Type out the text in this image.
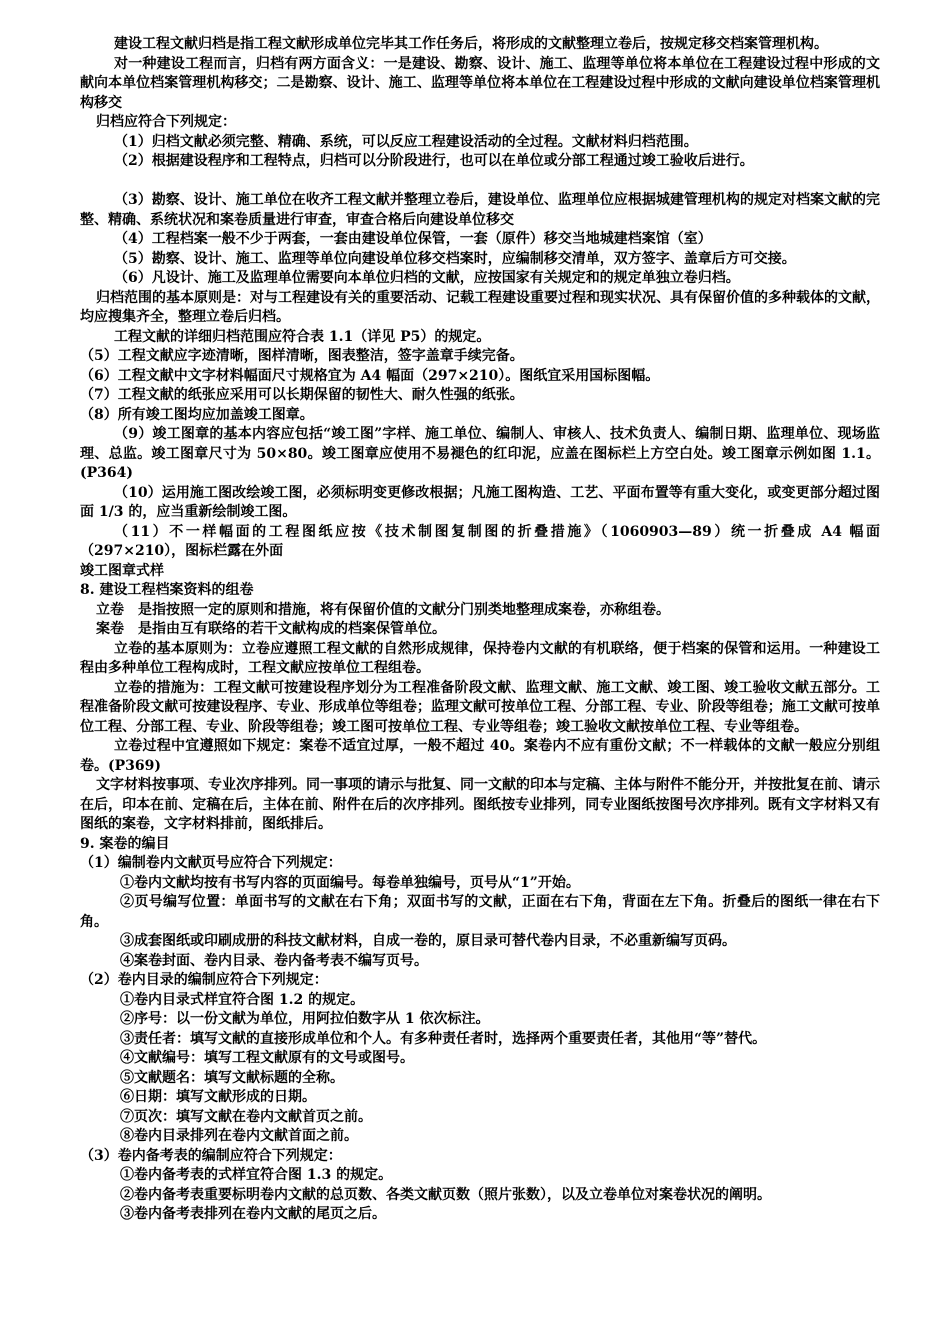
建设工程文献归档是指工程文献形成单位完毕其工作任务后，将形成的文献整理立卷后，按规定移交档案管理机构。

对一种建设工程而言，归档有两方面含义：一是建设、勘察、设计、施工、监理等单位将本单位在工程建设过程中形成的文献向本单位档案管理机构移交；二是勘察、设计、施工、监理等单位将本单位在工程建设过程中形成的文献向建设单位档案管理机构移交

归档应符合下列规定：

（1）归档文献必须完整、精确、系统，可以反应工程建设活动的全过程。文献材料归档范围。

（2）根据建设程序和工程特点，归档可以分阶段进行，也可以在单位或分部工程通过竣工验收后进行。

（3）勘察、设计、施工单位在收齐工程文献并整理立卷后，建设单位、监理单位应根据城建管理机构的规定对档案文献的完整、精确、系统状况和案卷质量进行审查，审查合格后向建设单位移交

（4）工程档案一般不少于两套，一套由建设单位保管，一套（原件）移交当地城建档案馆（室）

（5）勘察、设计、施工、监理等单位向建设单位移交档案时，应编制移交清单，双方签字、盖章后方可交接。

（6）凡设计、施工及监理单位需要向本单位归档的文献，应按国家有关规定和的规定单独立卷归档。

归档范围的基本原则是：对与工程建设有关的重要活动、记载工程建设重要过程和现实状况、具有保留价值的多种载体的文献，均应搜集齐全，整理立卷后归档。

工程文献的详细归档范围应符合表 1.1（详见 P5）的规定。

（5）工程文献应字迹清晰，图样清晰，图表整洁，签字盖章手续完备。

（6）工程文献中文字材料幅面尺寸规格宜为 A4 幅面（297×210）。图纸宜采用国标图幅。

（7）工程文献的纸张应采用可以长期保留的韧性大、耐久性强的纸张。

（8）所有竣工图均应加盖竣工图章。

（9）竣工图章的基本内容应包括“竣工图”字样、施工单位、编制人、审核人、技术负责人、编制日期、监理单位、现场监理、总监。竣工图章尺寸为 50×80。竣工图章应使用不易褪色的红印泥，应盖在图标栏上方空白处。竣工图章示例如图 1.1。 (P364)

（10）运用施工图改绘竣工图，必须标明变更修改根据；凡施工图构造、工艺、平面布置等有重大变化，或变更部分超过图面 1/3 的，应当重新绘制竣工图。

（11）不一样幅面的工程图纸应按《技术制图复制图的折叠措施》（1060903—89）统一折叠成 A4 幅面（297×210），图标栏露在外面

竣工图章式样

8. 建设工程档案资料的组卷

立卷　是指按照一定的原则和措施，将有保留价值的文献分门别类地整理成案卷，亦称组卷。

案卷　是指由互有联络的若干文献构成的档案保管单位。

立卷的基本原则为：立卷应遵照工程文献的自然形成规律，保持卷内文献的有机联络，便于档案的保管和运用。一种建设工程由多种单位工程构成时，工程文献应按单位工程组卷。

立卷的措施为：工程文献可按建设程序划分为工程准备阶段文献、监理文献、施工文献、竣工图、竣工验收文献五部分。工程准备阶段文献可按建设程序、专业、形成单位等组卷；监理文献可按单位工程、分部工程、专业、阶段等组卷；施工文献可按单位工程、分部工程、专业、阶段等组卷；竣工图可按单位工程、专业等组卷；竣工验收文献按单位工程、专业等组卷。

立卷过程中宜遵照如下规定：案卷不适宜过厚，一般不超过 40。案卷内不应有重份文献；不一样载体的文献一般应分别组卷。(P369)

文字材料按事项、专业次序排列。同一事项的请示与批复、同一文献的印本与定稿、主体与附件不能分开，并按批复在前、请示在后，印本在前、定稿在后，主体在前、附件在后的次序排列。图纸按专业排列，同专业图纸按图号次序排列。既有文字材料又有图纸的案卷，文字材料排前，图纸排后。

9. 案卷的编目

（1）编制卷内文献页号应符合下列规定：

①卷内文献均按有书写内容的页面编号。每卷单独编号，页号从“1”开始。

②页号编写位置：单面书写的文献在右下角；双面书写的文献，正面在右下角，背面在左下角。折叠后的图纸一律在右下角。

③成套图纸或印刷成册的科技文献材料，自成一卷的，原目录可替代卷内目录，不必重新编写页码。

④案卷封面、卷内目录、卷内备考表不编写页号。

（2）卷内目录的编制应符合下列规定：

①卷内目录式样宜符合图 1.2 的规定。

②序号：以一份文献为单位，用阿拉伯数字从 1 依次标注。

③责任者：填写文献的直接形成单位和个人。有多种责任者时，选择两个重要责任者，其他用“等”替代。

④文献编号：填写工程文献原有的文号或图号。

⑤文献题名：填写文献标题的全称。

⑥日期：填写文献形成的日期。

⑦页次：填写文献在卷内文献首页之前。

⑧卷内目录排列在卷内文献首面之前。

（3）卷内备考表的编制应符合下列规定：

①卷内备考表的式样宜符合图 1.3 的规定。

②卷内备考表重要标明卷内文献的总页数、各类文献页数（照片张数），以及立卷单位对案卷状况的阐明。

③卷内备考表排列在卷内文献的尾页之后。
